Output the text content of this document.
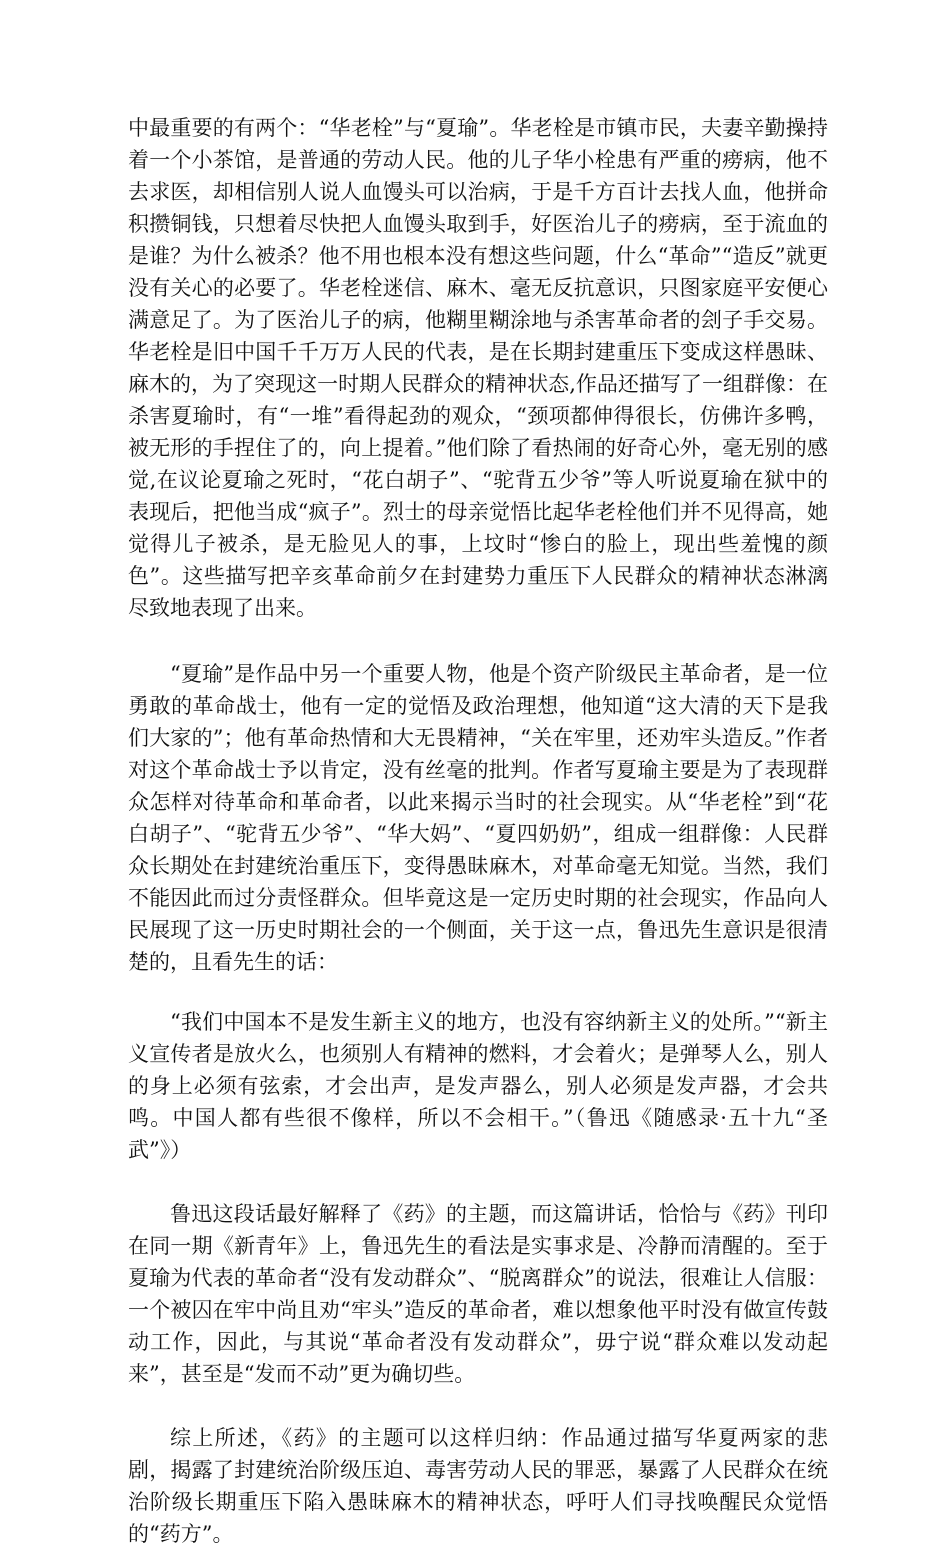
中最重要的有两个：“华老栓”与“夏瑜”。华老栓是市镇市民，夫妻辛勤操持着一个小茶馆，是普通的劳动人民。他的儿子华小栓患有严重的痨病，他不去求医，却相信别人说人血馒头可以治病，于是千方百计去找人血，他拼命积攒铜钱，只想着尽快把人血馒头取到手，好医治儿子的痨病，至于流血的是谁？为什么被杀？他不用也根本没有想这些问题，什么“革命”“造反”就更没有关心的必要了。华老栓迷信、麻木、毫无反抗意识，只图家庭平安便心满意足了。为了医治儿子的病，他糊里糊涂地与杀害革命者的刽子手交易。华老栓是旧中国千千万万人民的代表，是在长期封建重压下变成这样愚昧、麻木的，为了突现这一时期人民群众的精神状态,作品还描写了一组群像：在杀害夏瑜时，有“一堆”看得起劲的观众，“颈项都伸得很长，仿佛许多鸭，被无形的手捏住了的，向上提着。”他们除了看热闹的好奇心外，毫无别的感觉,在议论夏瑜之死时，“花白胡子”、“驼背五少爷”等人听说夏瑜在狱中的表现后，把他当成“疯子”。烈士的母亲觉悟比起华老栓他们并不见得高，她觉得儿子被杀，是无脸见人的事，上坟时“惨白的脸上，现出些羞愧的颜色”。这些描写把辛亥革命前夕在封建势力重压下人民群众的精神状态淋漓尽致地表现了出来。

“夏瑜”是作品中另一个重要人物，他是个资产阶级民主革命者，是一位勇敢的革命战士，他有一定的觉悟及政治理想，他知道“这大清的天下是我们大家的”；他有革命热情和大无畏精神，“关在牢里，还劝牢头造反。”作者对这个革命战士予以肯定，没有丝毫的批判。作者写夏瑜主要是为了表现群众怎样对待革命和革命者，以此来揭示当时的社会现实。从“华老栓”到“花白胡子”、“驼背五少爷”、“华大妈”、“夏四奶奶”，组成一组群像：人民群众长期处在封建统治重压下，变得愚昧麻木，对革命毫无知觉。当然，我们不能因此而过分责怪群众。但毕竟这是一定历史时期的社会现实，作品向人民展现了这一历史时期社会的一个侧面，关于这一点，鲁迅先生意识是很清楚的，且看先生的话：

“我们中国本不是发生新主义的地方，也没有容纳新主义的处所。”“新主义宣传者是放火么，也须别人有精神的燃料，才会着火；是弹琴人么，别人的身上必须有弦索，才会出声，是发声器么，别人必须是发声器，才会共鸣。中国人都有些很不像样，所以不会相干。”（鲁迅《随感录·五十九“圣武”》）

鲁迅这段话最好解释了《药》的主题，而这篇讲话，恰恰与《药》刊印在同一期《新青年》上，鲁迅先生的看法是实事求是、冷静而清醒的。至于夏瑜为代表的革命者“没有发动群众”、“脱离群众”的说法，很难让人信服：一个被囚在牢中尚且劝“牢头”造反的革命者，难以想象他平时没有做宣传鼓动工作，因此，与其说“革命者没有发动群众”，毋宁说“群众难以发动起来”，甚至是“发而不动”更为确切些。

综上所述，《药》的主题可以这样归纳：作品通过描写华夏两家的悲剧，揭露了封建统治阶级压迫、毒害劳动人民的罪恶，暴露了人民群众在统治阶级长期重压下陷入愚昧麻木的精神状态，呼吁人们寻找唤醒民众觉悟的“药方”。
